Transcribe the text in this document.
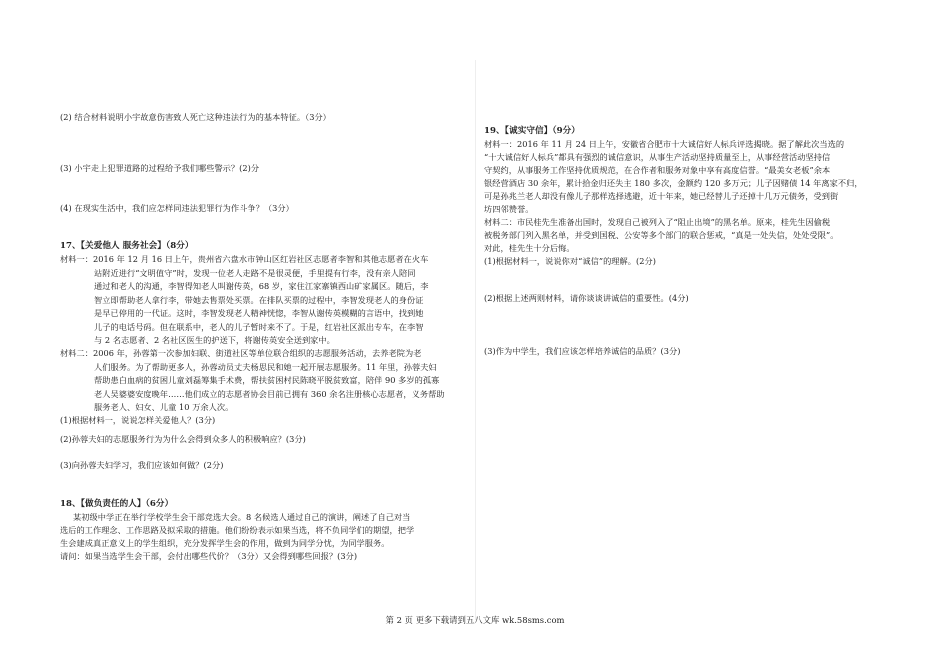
(2) 结合材料说明小宇故意伤害致人死亡这种违法行为的基本特征。（3分）
(3) 小宇走上犯罪道路的过程给予我们哪些警示？(2)分
(4) 在现实生活中，我们应怎样同违法犯罪行为作斗争？（3分）
17、【关爱他人 服务社会】（8分）
材料一：2016 年 12 月 16 日上午，贵州省六盘水市钟山区红岩社区志愿者李智和其他志愿者在火车
站附近进行“文明值守”时，发现一位老人走路不是很灵便，手里提有行李，没有亲人陪同
通过和老人的沟通，李智得知老人叫谢传英，68 岁，家住江家寨镇西山矿家属区。随后，李
智立即帮助老人拿行李，带她去售票处买票。在排队买票的过程中，李智发现老人的身份证
是早已停用的一代证。这时，李智发现老人精神恍惚，李智从谢传英模糊的言语中，找到她
儿子的电话号码。但在联系中，老人的儿子暂时来不了。于是，红岩社区派出专车，在李智
与 2 名志愿者、2 名社区医生的护送下，将谢传英安全送到家中。
材料二：2006 年，孙蓉第一次参加妇联、街道社区等单位联合组织的志愿服务活动，去养老院为老
人们服务。为了帮助更多人，孙蓉动员丈夫杨思民和她一起开展志愿服务。11 年里，孙蓉夫妇
帮助患白血病的贫困儿童刘磊筹集手术费，帮扶贫困村民陈晓平脱贫致富，陪伴 90 多岁的孤寡
老人吴婆婆安度晚年……他们成立的志愿者协会目前已拥有 360 余名注册核心志愿者，义务帮助
服务老人、妇女、儿童 10 万余人次。
(1)根据材料一，说说怎样关爱他人？(3分)
(2)孙蓉夫妇的志愿服务行为为什么会得到众多人的积极响应？(3分)
(3)向孙蓉夫妇学习，我们应该如何做？(2分)
18、【做负责任的人】（6分）
某初级中学正在举行学校学生会干部竞选大会。8 名候选人通过自己的演讲，阐述了自己对当
选后的工作理念、工作思路及拟采取的措施。他们纷纷表示如果当选，将不负同学们的期望，把学
生会建成真正意义上的学生组织，充分发挥学生会的作用，做到为同学分忧，为同学服务。
请问：如果当选学生会干部，会付出哪些代价？（3分）又会得到哪些回报？(3分)
19、【诚实守信】（9分）
材料一：2016 年 11 月 24 日上午，安徽省合肥市十大诚信好人标兵评选揭晓。据了解此次当选的
“十大诚信好人标兵”都具有强烈的诚信意识，从事生产活动坚持质量至上，从事经营活动坚持信
守契约，从事服务工作坚持优质规范，在合作者和服务对象中享有高度信誉。“最美女老板”余本
银经营酒店 30 余年，累计拾金归还失主 180 多次，金额约 120 多万元；儿子因赌债 14 年离家不归，
可是孙兆兰老人却没有像儿子那样选择逃避，近十年来，她已经替儿子还掉十几万元债务，受到街
坊四邻赞誉。
材料二：市民桂先生准备出国时，发现自己被列入了“阻止出境”的黑名单。原来，桂先生因偷税
被税务部门列入黑名单，并受到国税、公安等多个部门的联合惩戒，“真是一处失信，处处受限”。
对此，桂先生十分后悔。
(1)根据材料一，说说你对“诚信”的理解。(2分)
(2)根据上述两则材料，请你谈谈讲诚信的重要性。(4分)
(3)作为中学生，我们应该怎样培养诚信的品质？(3分)
第 2 页 更多下载请到五八文库 wk.58sms.com
